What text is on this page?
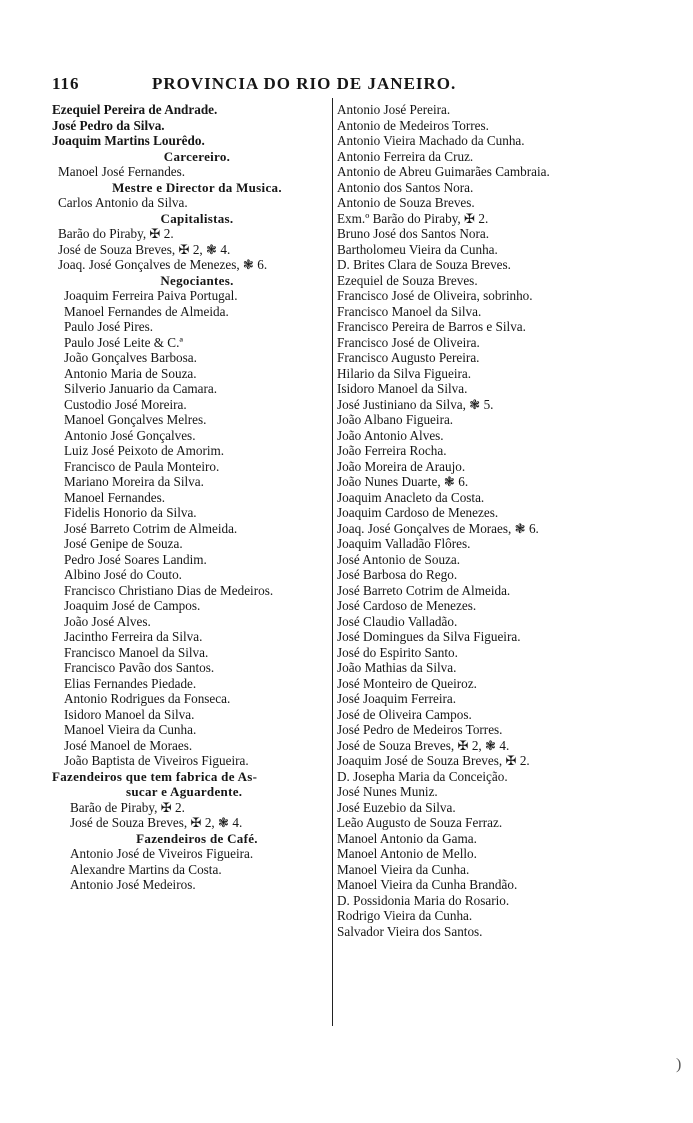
116	PROVINCIA DO RIO DE JANEIRO.
Ezequiel Pereira de Andrade.
José Pedro da Silva.
Joaquim Martins Lourêdo.
Carcereiro.
Manoel José Fernandes.
Mestre e Director da Musica.
Carlos Antonio da Silva.
Capitalistas.
Barão do Piraby, ✠ 2.
José de Souza Breves, ✠ 2, ❃ 4.
Joaq. José Gonçalves de Menezes, ❃ 6.
Negociantes.
Joaquim Ferreira Paiva Portugal.
Manoel Fernandes de Almeida.
Paulo José Pires.
Paulo José Leite & C.ª
João Gonçalves Barbosa.
Antonio Maria de Souza.
Silverio Januario da Camara.
Custodio José Moreira.
Manoel Gonçalves Melres.
Antonio José Gonçalves.
Luiz José Peixoto de Amorim.
Francisco de Paula Monteiro.
Mariano Moreira da Silva.
Manoel Fernandes.
Fidelis Honorio da Silva.
José Barreto Cotrim de Almeida.
José Genipe de Souza.
Pedro José Soares Landim.
Albino José do Couto.
Francisco Christiano Dias de Medeiros.
Joaquim José de Campos.
João José Alves.
Jacintho Ferreira da Silva.
Francisco Manoel da Silva.
Francisco Pavão dos Santos.
Elias Fernandes Piedade.
Antonio Rodrigues da Fonseca.
Isidoro Manoel da Silva.
Manoel Vieira da Cunha.
José Manoel de Moraes.
João Baptista de Viveiros Figueira.
Fazendeiros que tem fabrica de As-
sucar e Aguardente.
Barão de Piraby, ✠ 2.
José de Souza Breves, ✠ 2, ❃ 4.
Fazendeiros de Café.
Antonio José de Viveiros Figueira.
Alexandre Martins da Costa.
Antonio José Medeiros.
Antonio José Pereira.
Antonio de Medeiros Torres.
Antonio Vieira Machado da Cunha.
Antonio Ferreira da Cruz.
Antonio de Abreu Guimarães Cambraia.
Antonio dos Santos Nora.
Antonio de Souza Breves.
Exm.º Barão do Piraby, ✠ 2.
Bruno José dos Santos Nora.
Bartholomeu Vieira da Cunha.
D. Brites Clara de Souza Breves.
Ezequiel de Souza Breves.
Francisco José de Oliveira, sobrinho.
Francisco Manoel da Silva.
Francisco Pereira de Barros e Silva.
Francisco José de Oliveira.
Francisco Augusto Pereira.
Hilario da Silva Figueira.
Isidoro Manoel da Silva.
José Justiniano da Silva, ❃ 5.
João Albano Figueira.
João Antonio Alves.
João Ferreira Rocha.
João Moreira de Araujo.
João Nunes Duarte, ❃ 6.
Joaquim Anacleto da Costa.
Joaquim Cardoso de Menezes.
Joaq. José Gonçalves de Moraes, ❃ 6.
Joaquim Valladão Flôres.
José Antonio de Souza.
José Barbosa do Rego.
José Barreto Cotrim de Almeida.
José Cardoso de Menezes.
José Claudio Valladão.
José Domingues da Silva Figueira.
José do Espirito Santo.
João Mathias da Silva.
José Monteiro de Queiroz.
José Joaquim Ferreira.
José de Oliveira Campos.
José Pedro de Medeiros Torres.
José de Souza Breves, ✠ 2, ❃ 4.
Joaquim José de Souza Breves, ✠ 2.
D. Josepha Maria da Conceição.
José Nunes Muniz.
José Euzebio da Silva.
Leão Augusto de Souza Ferraz.
Manoel Antonio da Gama.
Manoel Antonio de Mello.
Manoel Vieira da Cunha.
Manoel Vieira da Cunha Brandão.
D. Possidonia Maria do Rosario.
Rodrigo Vieira da Cunha.
Salvador Vieira dos Santos.
)
